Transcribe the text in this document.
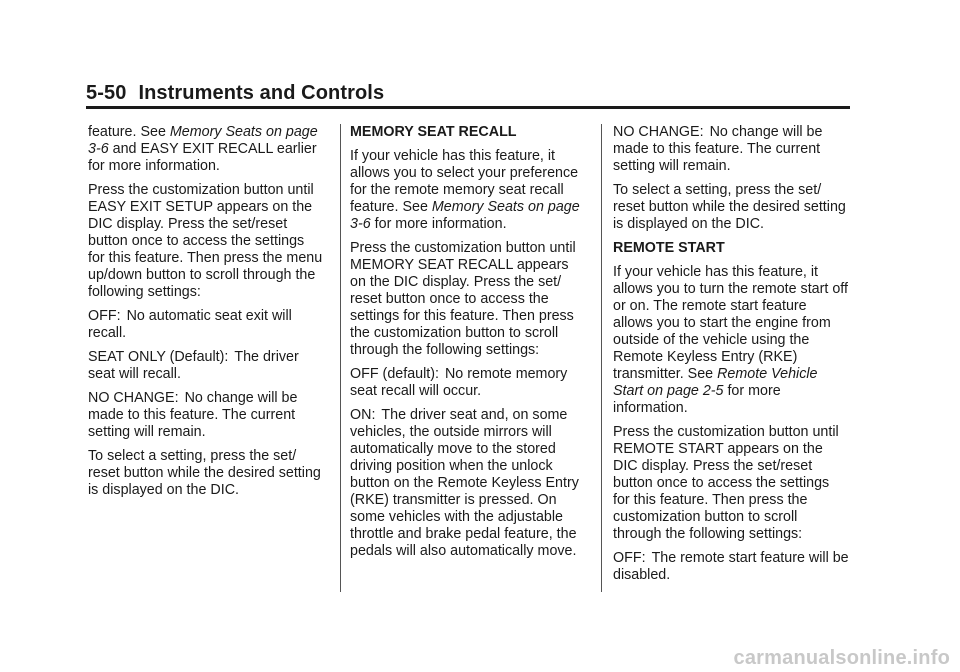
5-50 Instruments and Controls

feature. See Memory Seats on page 3-6 and EASY EXIT RECALL earlier for more information.

Press the customization button until EASY EXIT SETUP appears on the DIC display. Press the set/reset button once to access the settings for this feature. Then press the menu up/down button to scroll through the following settings:

OFF: No automatic seat exit will recall.

SEAT ONLY (Default): The driver seat will recall.

NO CHANGE: No change will be made to this feature. The current setting will remain.

To select a setting, press the set/ reset button while the desired setting is displayed on the DIC.

MEMORY SEAT RECALL

If your vehicle has this feature, it allows you to select your preference for the remote memory seat recall feature. See Memory Seats on page 3-6 for more information.

Press the customization button until MEMORY SEAT RECALL appears on the DIC display. Press the set/ reset button once to access the settings for this feature. Then press the customization button to scroll through the following settings:

OFF (default): No remote memory seat recall will occur.

ON: The driver seat and, on some vehicles, the outside mirrors will automatically move to the stored driving position when the unlock button on the Remote Keyless Entry (RKE) transmitter is pressed. On some vehicles with the adjustable throttle and brake pedal feature, the pedals will also automatically move.

NO CHANGE: No change will be made to this feature. The current setting will remain.

To select a setting, press the set/ reset button while the desired setting is displayed on the DIC.

REMOTE START

If your vehicle has this feature, it allows you to turn the remote start off or on. The remote start feature allows you to start the engine from outside of the vehicle using the Remote Keyless Entry (RKE) transmitter. See Remote Vehicle Start on page 2-5 for more information.

Press the customization button until REMOTE START appears on the DIC display. Press the set/reset button once to access the settings for this feature. Then press the customization button to scroll through the following settings:

OFF: The remote start feature will be disabled.

carmanualsonline.info
